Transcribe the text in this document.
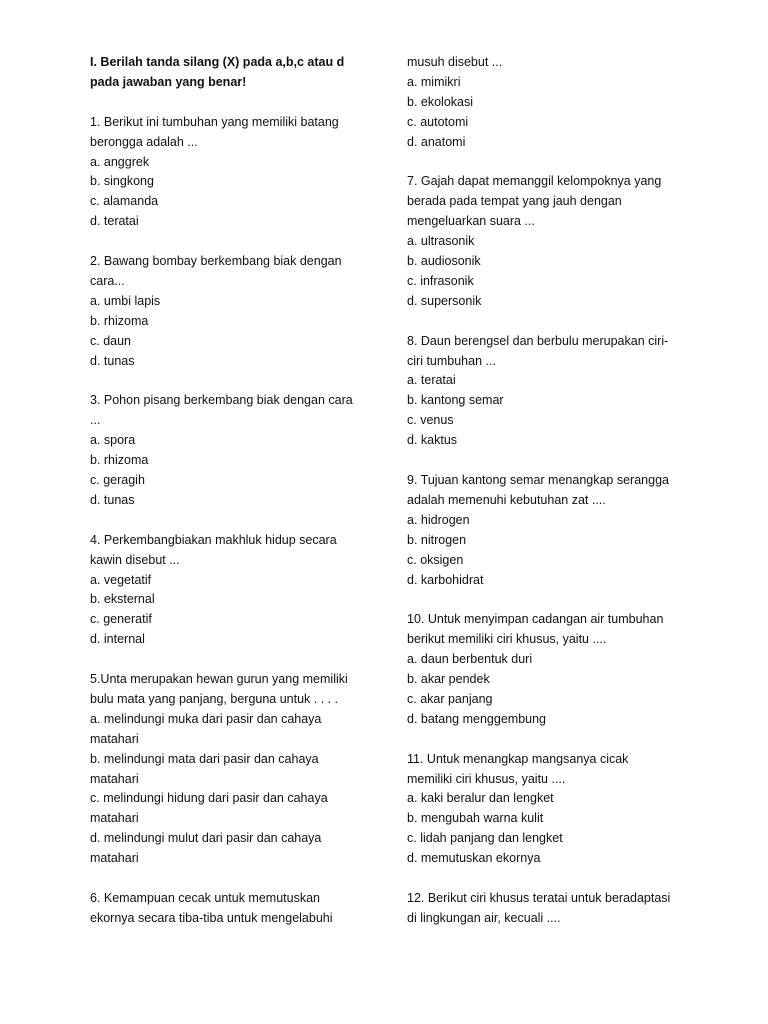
I. Berilah tanda silang (X) pada a,b,c atau d
pada jawaban yang benar!
1. Berikut ini tumbuhan yang memiliki batang
berongga adalah ...
a. anggrek
b. singkong
c. alamanda
d. teratai
2. Bawang bombay berkembang biak dengan
cara...
a. umbi lapis
b. rhizoma
c. daun
d. tunas
3. Pohon pisang berkembang biak dengan cara
...
a. spora
b. rhizoma
c. geragih
d. tunas
4. Perkembangbiakan makhluk hidup secara
kawin disebut ...
a. vegetatif
b. eksternal
c. generatif
d. internal
5.Unta merupakan hewan gurun yang memiliki
bulu mata yang panjang, berguna untuk . . . .
a. melindungi muka dari pasir dan cahaya
matahari
b. melindungi mata dari pasir dan cahaya
matahari
c. melindungi hidung dari pasir dan cahaya
matahari
d. melindungi mulut dari pasir dan cahaya
matahari
6. Kemampuan cecak untuk memutuskan
ekornya secara tiba-tiba untuk mengelabuhi
musuh disebut ...
a. mimikri
b. ekolokasi
c. autotomi
d. anatomi
7. Gajah dapat memanggil kelompoknya yang
berada pada tempat yang jauh dengan
mengeluarkan suara ...
a. ultrasonik
b. audiosonik
c. infrasonik
d. supersonik
8. Daun berengsel dan berbulu merupakan ciri-
ciri tumbuhan ...
a. teratai
b. kantong semar
c. venus
d. kaktus
9. Tujuan kantong semar menangkap serangga
adalah memenuhi kebutuhan zat ....
a. hidrogen
b. nitrogen
c. oksigen
d. karbohidrat
10. Untuk menyimpan cadangan air tumbuhan
berikut memiliki ciri khusus, yaitu ....
a. daun berbentuk duri
b. akar pendek
c. akar panjang
d. batang menggembung
11. Untuk menangkap mangsanya cicak
memiliki ciri khusus, yaitu ....
a. kaki beralur dan lengket
b. mengubah warna kulit
c. lidah panjang dan lengket
d. memutuskan ekornya
12. Berikut ciri khusus teratai untuk beradaptasi
di lingkungan air, kecuali ....
